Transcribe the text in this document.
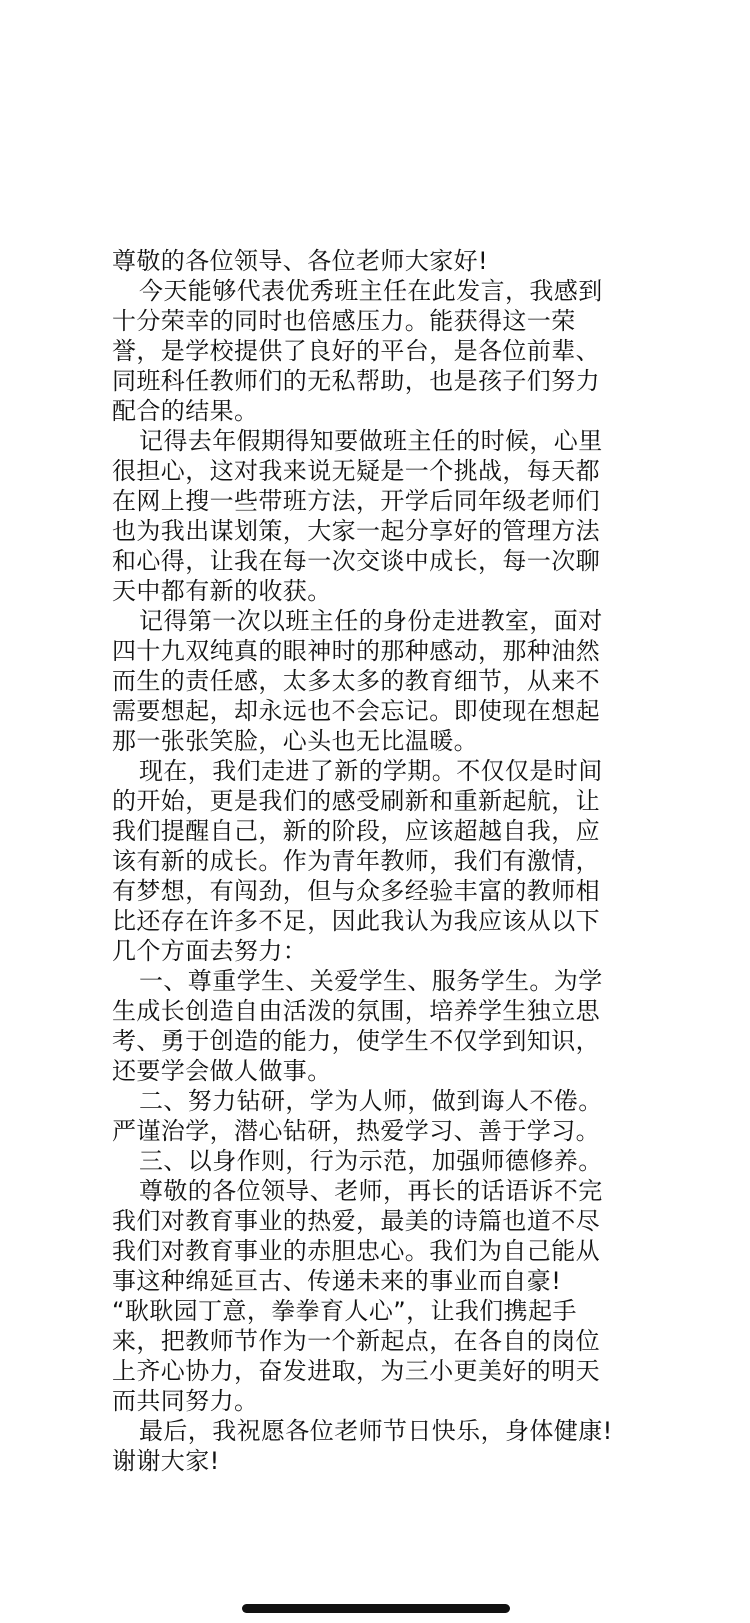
尊敬的各位领导、各位老师大家好!
今天能够代表优秀班主任在此发言，我感到
十分荣幸的同时也倍感压力。能获得这一荣
誉，是学校提供了良好的平台，是各位前辈、
同班科任教师们的无私帮助，也是孩子们努力
配合的结果。
记得去年假期得知要做班主任的时候，心里
很担心，这对我来说无疑是一个挑战，每天都
在网上搜一些带班方法，开学后同年级老师们
也为我出谋划策，大家一起分享好的管理方法
和心得，让我在每一次交谈中成长，每一次聊
天中都有新的收获。
记得第一次以班主任的身份走进教室，面对
四十九双纯真的眼神时的那种感动，那种油然
而生的责任感，太多太多的教育细节，从来不
需要想起，却永远也不会忘记。即使现在想起
那一张张笑脸，心头也无比温暖。
现在，我们走进了新的学期。不仅仅是时间
的开始，更是我们的感受刷新和重新起航，让
我们提醒自己，新的阶段，应该超越自我，应
该有新的成长。作为青年教师，我们有激情，
有梦想，有闯劲，但与众多经验丰富的教师相
比还存在许多不足，因此我认为我应该从以下
几个方面去努力：
一、尊重学生、关爱学生、服务学生。为学
生成长创造自由活泼的氛围，培养学生独立思
考、勇于创造的能力，使学生不仅学到知识，
还要学会做人做事。
二、努力钻研，学为人师，做到诲人不倦。
严谨治学，潜心钻研，热爱学习、善于学习。
三、以身作则，行为示范，加强师德修养。
尊敬的各位领导、老师，再长的话语诉不完
我们对教育事业的热爱，最美的诗篇也道不尽
我们对教育事业的赤胆忠心。我们为自己能从
事这种绵延亘古、传递未来的事业而自豪!
“耿耿园丁意，拳拳育人心”，让我们携起手
来，把教师节作为一个新起点，在各自的岗位
上齐心协力，奋发进取，为三小更美好的明天
而共同努力。
最后，我祝愿各位老师节日快乐，身体健康!
谢谢大家!
